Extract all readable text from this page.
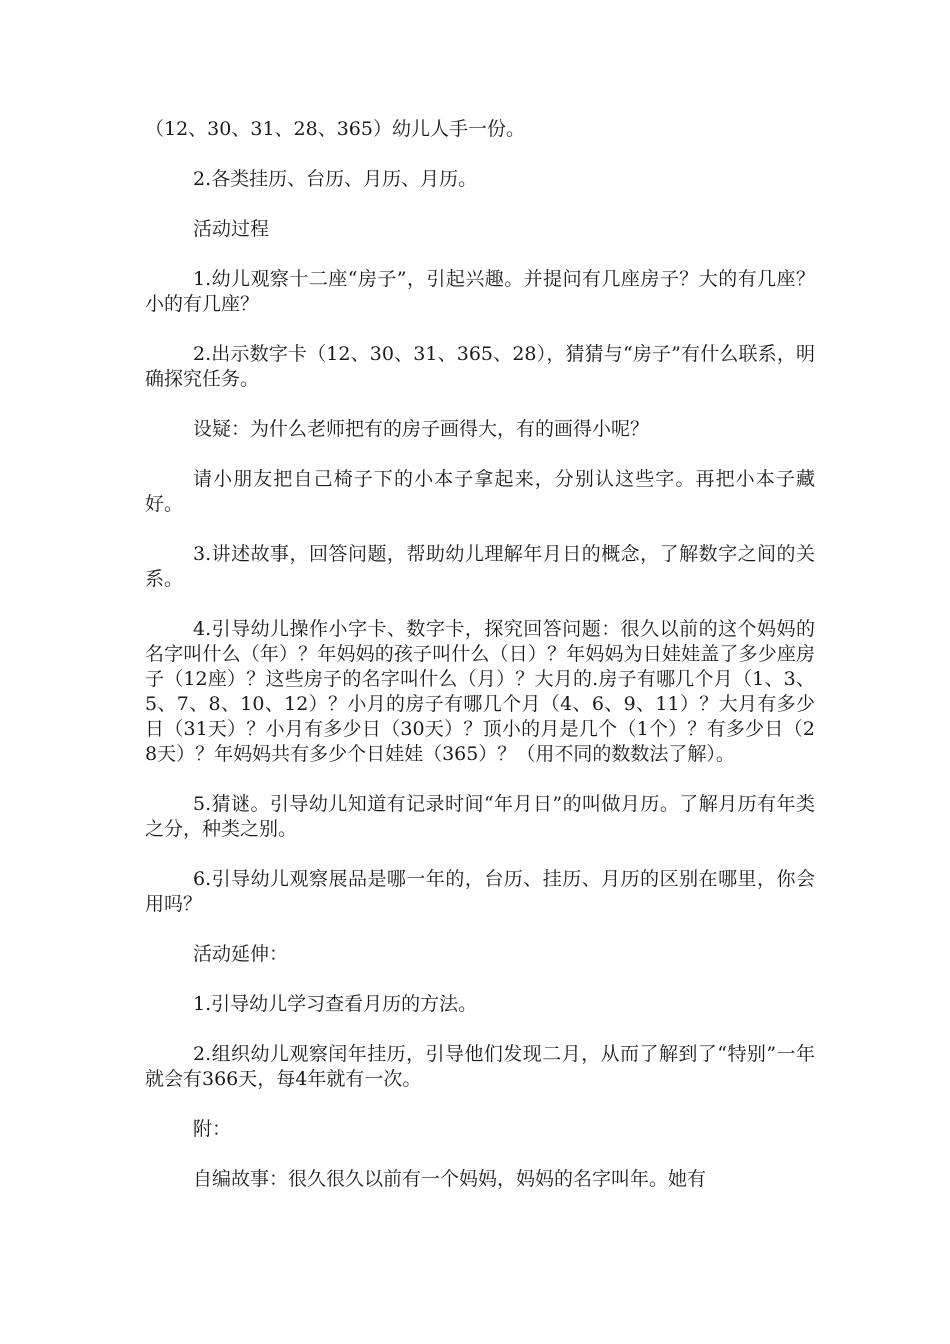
（12、30、31、28、365）幼儿人手一份。

2.各类挂历、台历、月历、月历。

活动过程

1.幼儿观察十二座“房子”，引起兴趣。并提问有几座房子？大的有几座？小的有几座？

2.出示数字卡（12、30、31、365、28），猜猜与“房子”有什么联系，明确探究任务。

设疑：为什么老师把有的房子画得大，有的画得小呢？

请小朋友把自己椅子下的小本子拿起来，分别认这些字。再把小本子藏好。

3.讲述故事，回答问题，帮助幼儿理解年月日的概念，了解数字之间的关系。

4.引导幼儿操作小字卡、数字卡，探究回答问题：很久以前的这个妈妈的名字叫什么（年）？年妈妈的孩子叫什么（日）？年妈妈为日娃娃盖了多少座房子（12座）？这些房子的名字叫什么（月）？大月的.房子有哪几个月（1、3、5、7、8、10、12）？小月的房子有哪几个月（4、6、9、11）？大月有多少日（31天）？小月有多少日（30天）？顶小的月是几个（1个）？有多少日（28天）？年妈妈共有多少个日娃娃（365）？（用不同的数数法了解）。

5.猜谜。引导幼儿知道有记录时间“年月日”的叫做月历。了解月历有年类之分，种类之别。

6.引导幼儿观察展品是哪一年的，台历、挂历、月历的区别在哪里，你会用吗？

活动延伸：

1.引导幼儿学习查看月历的方法。

2.组织幼儿观察闰年挂历，引导他们发现二月，从而了解到了“特别”一年就会有366天，每4年就有一次。

附：

自编故事：很久很久以前有一个妈妈，妈妈的名字叫年。她有
